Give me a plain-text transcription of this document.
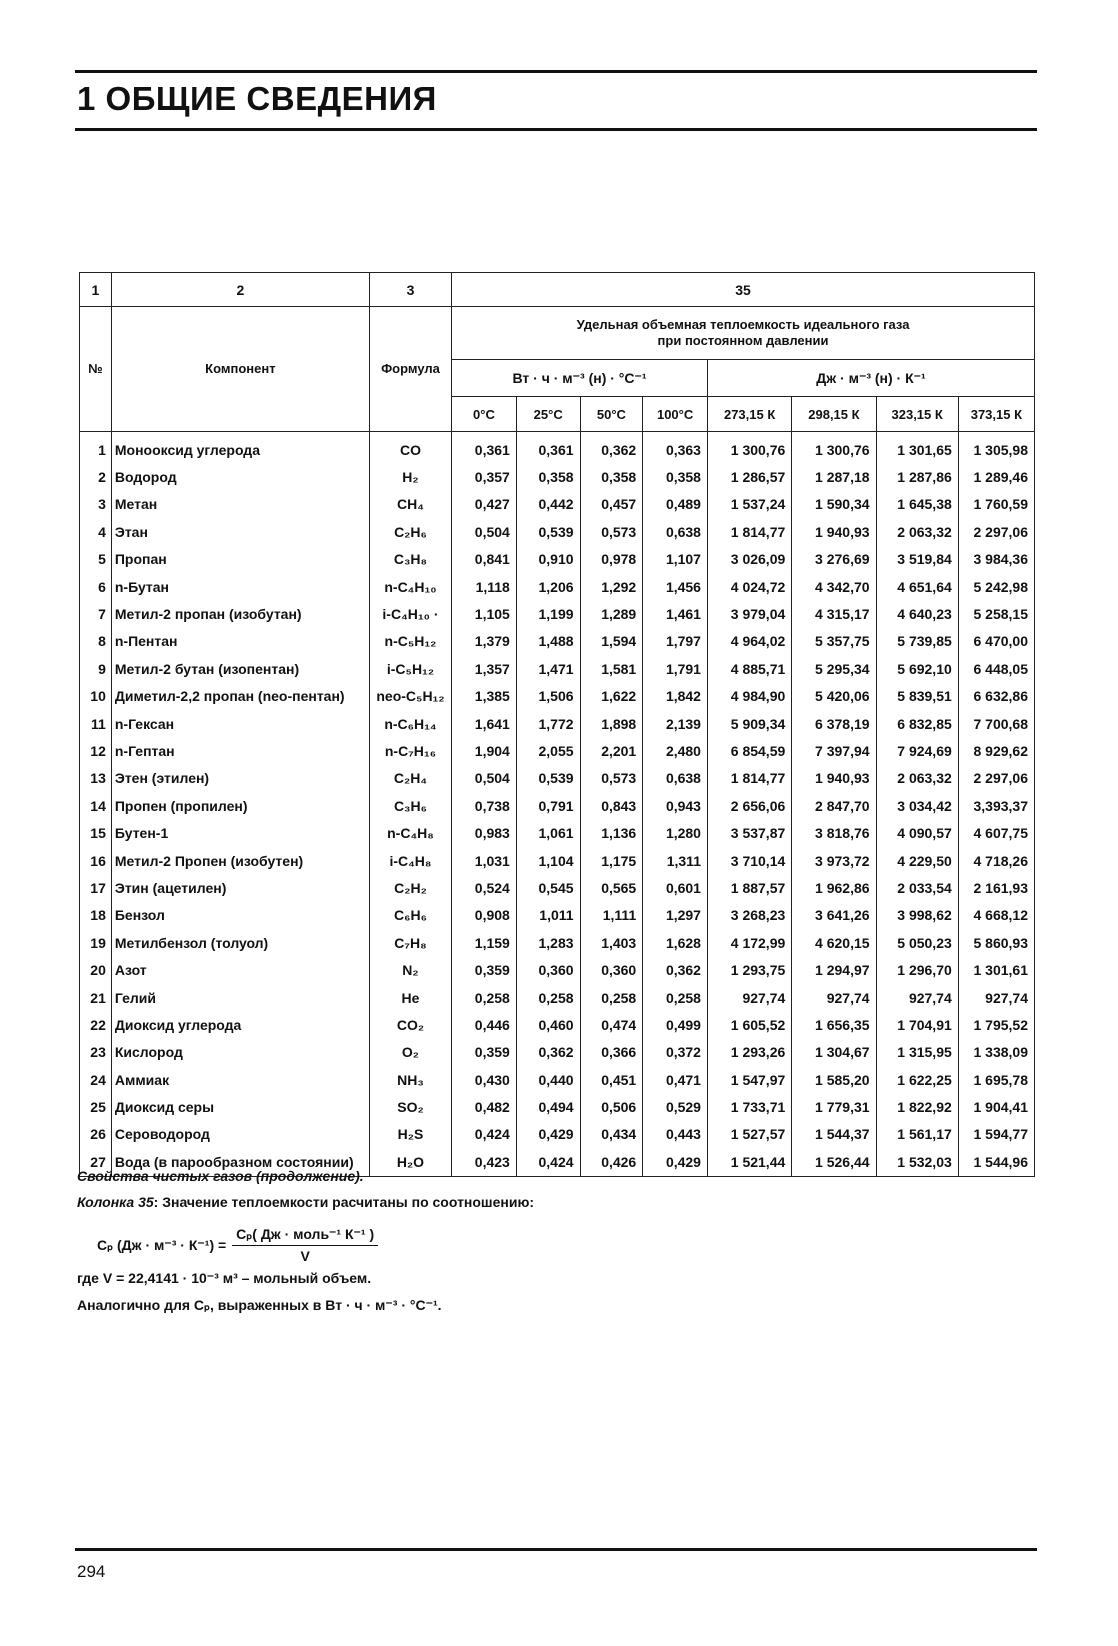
1 ОБЩИЕ СВЕДЕНИЯ
1	2	3	35							
№	Компонент	Формула	Удельная объемная теплоемкость идеального газа
при постоянном давлении							

			Вт · ч · м⁻³ (н) · °С⁻¹				Дж · м⁻³ (н) · К⁻¹			
			0°С	25°С	50°С	100°С	273,15 К	298,15 К	323,15 К	373,15 К

1	Монооксид углерода	CO	0,361	0,361	0,362	0,363	1 300,76	1 300,76	1 301,65	1 305,98
2	Водород	H₂	0,357	0,358	0,358	0,358	1 286,57	1 287,18	1 287,86	1 289,46
3	Метан	CH₄	0,427	0,442	0,457	0,489	1 537,24	1 590,34	1 645,38	1 760,59
4	Этан	C₂H₆	0,504	0,539	0,573	0,638	1 814,77	1 940,93	2 063,32	2 297,06
5	Пропан	C₃H₈	0,841	0,910	0,978	1,107	3 026,09	3 276,69	3 519,84	3 984,36
6	n-Бутан	n-C₄H₁₀	1,118	1,206	1,292	1,456	4 024,72	4 342,70	4 651,64	5 242,98
7	Метил-2 пропан (изобутан)	i-C₄H₁₀ ·	1,105	1,199	1,289	1,461	3 979,04	4 315,17	4 640,23	5 258,15
8	n-Пентан	n-C₅H₁₂	1,379	1,488	1,594	1,797	4 964,02	5 357,75	5 739,85	6 470,00
9	Метил-2 бутан (изопентан)	i-C₅H₁₂	1,357	1,471	1,581	1,791	4 885,71	5 295,34	5 692,10	6 448,05
10	Диметил-2,2 пропан (neo-пентан)	neo-C₅H₁₂	1,385	1,506	1,622	1,842	4 984,90	5 420,06	5 839,51	6 632,86
11	n-Гексан	n-C₆H₁₄	1,641	1,772	1,898	2,139	5 909,34	6 378,19	6 832,85	7 700,68
12	n-Гептан	n-C₇H₁₆	1,904	2,055	2,201	2,480	6 854,59	7 397,94	7 924,69	8 929,62
13	Этен (этилен)	C₂H₄	0,504	0,539	0,573	0,638	1 814,77	1 940,93	2 063,32	2 297,06
14	Пропен (пропилен)	C₃H₆	0,738	0,791	0,843	0,943	2 656,06	2 847,70	3 034,42	3,393,37
15	Бутен-1	n-C₄H₈	0,983	1,061	1,136	1,280	3 537,87	3 818,76	4 090,57	4 607,75
16	Метил-2 Пропен (изобутен)	i-C₄H₈	1,031	1,104	1,175	1,311	3 710,14	3 973,72	4 229,50	4 718,26
17	Этин (ацетилен)	C₂H₂	0,524	0,545	0,565	0,601	1 887,57	1 962,86	2 033,54	2 161,93
18	Бензол	C₆H₆	0,908	1,011	1,111	1,297	3 268,23	3 641,26	3 998,62	4 668,12
19	Метилбензол (толуол)	C₇H₈	1,159	1,283	1,403	1,628	4 172,99	4 620,15	5 050,23	5 860,93
20	Азот	N₂	0,359	0,360	0,360	0,362	1 293,75	1 294,97	1 296,70	1 301,61
21	Гелий	He	0,258	0,258	0,258	0,258	927,74	927,74	927,74	927,74
22	Диоксид углерода	CO₂	0,446	0,460	0,474	0,499	1 605,52	1 656,35	1 704,91	1 795,52
23	Кислород	O₂	0,359	0,362	0,366	0,372	1 293,26	1 304,67	1 315,95	1 338,09
24	Аммиак	NH₃	0,430	0,440	0,451	0,471	1 547,97	1 585,20	1 622,25	1 695,78
25	Диоксид серы	SO₂	0,482	0,494	0,506	0,529	1 733,71	1 779,31	1 822,92	1 904,41
26	Сероводород	H₂S	0,424	0,429	0,434	0,443	1 527,57	1 544,37	1 561,17	1 594,77
27	Вода (в парообразном состоянии)	H₂O	0,423	0,424	0,426	0,429	1 521,44	1 526,44	1 532,03	1 544,96

Свойства чистых газов (продолжение).

Колонка 35: Значение теплоемкости расчитаны по соотношению:

Cₚ $(Дж \cdot м^{-3} \cdot К^{-1}) = \frac{\text{Cₚ( Дж · моль⁻¹ К⁻¹ )}}{V}$

где V = 22,4141 · 10⁻³ м³ – мольный объем.

Аналогично для Cₚ, выраженных в Вт · ч · м⁻³ · °С⁻¹.

294
